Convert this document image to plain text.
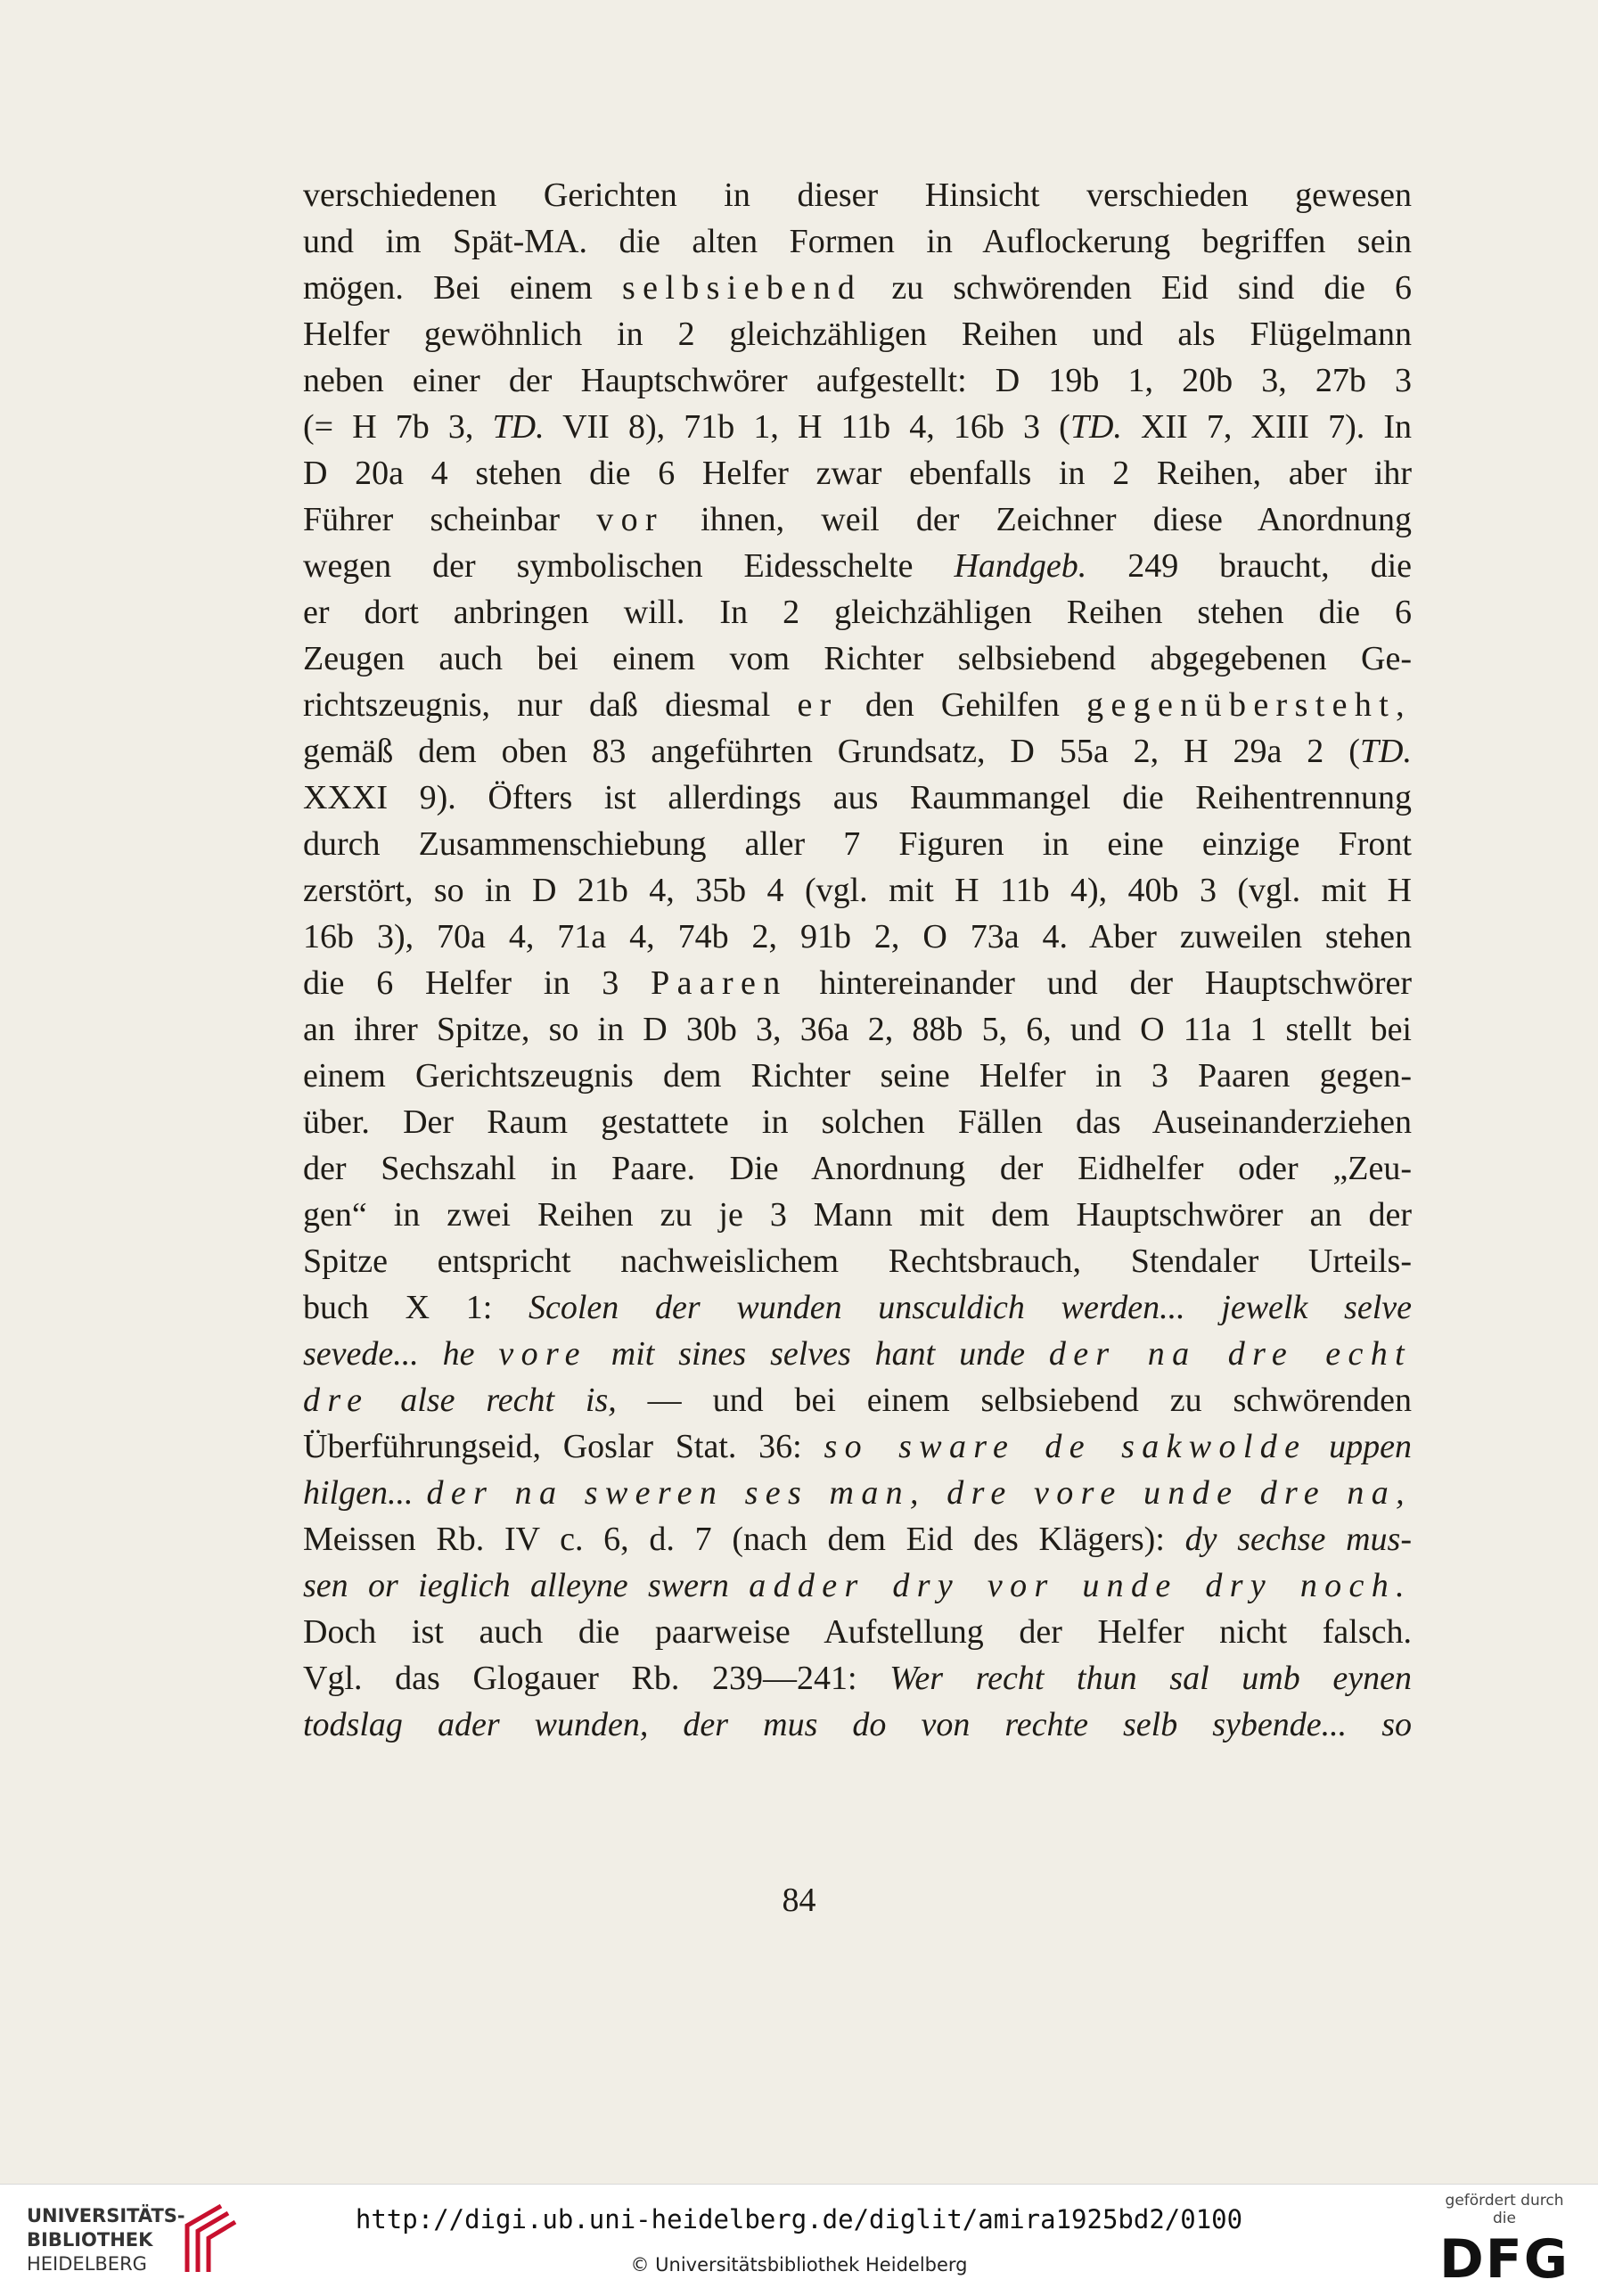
verschiedenen Gerichten in dieser Hinsicht verschieden gewesen
und im Spät-MA. die alten Formen in Auflockerung begriffen sein
mögen. Bei einem selbsiebend zu schwörenden Eid sind die 6
Helfer gewöhnlich in 2 gleichzähligen Reihen und als Flügelmann
neben einer der Hauptschwörer aufgestellt: D 19b 1, 20b 3, 27b 3
(= H 7b 3, TD. VII 8), 71b 1, H 11b 4, 16b 3 (TD. XII 7, XIII 7). In
D 20a 4 stehen die 6 Helfer zwar ebenfalls in 2 Reihen, aber ihr
Führer scheinbar vor ihnen, weil der Zeichner diese Anordnung
wegen der symbolischen Eidesschelte Handgeb. 249 braucht, die
er dort anbringen will. In 2 gleichzähligen Reihen stehen die 6
Zeugen auch bei einem vom Richter selbsiebend abgegebenen Ge-
richtszeugnis, nur daß diesmal er den Gehilfen gegenübersteht,
gemäß dem oben 83 angeführten Grundsatz, D 55a 2, H 29a 2 (TD.
XXXI 9). Öfters ist allerdings aus Raummangel die Reihentrennung
durch Zusammenschiebung aller 7 Figuren in eine einzige Front
zerstört, so in D 21b 4, 35b 4 (vgl. mit H 11b 4), 40b 3 (vgl. mit H
16b 3), 70a 4, 71a 4, 74b 2, 91b 2, O 73a 4. Aber zuweilen stehen
die 6 Helfer in 3 Paaren hintereinander und der Hauptschwörer
an ihrer Spitze, so in D 30b 3, 36a 2, 88b 5, 6, und O 11a 1 stellt bei
einem Gerichtszeugnis dem Richter seine Helfer in 3 Paaren gegen-
über. Der Raum gestattete in solchen Fällen das Auseinanderziehen
der Sechszahl in Paare. Die Anordnung der Eidhelfer oder „Zeu-
gen“ in zwei Reihen zu je 3 Mann mit dem Hauptschwörer an der
Spitze entspricht nachweislichem Rechtsbrauch, Stendaler Urteils-
buch X 1: Scolen der wunden unsculdich werden... jewelk selve
sevede... he vore mit sines selves hant unde der na dre echt
dre alse recht is, — und bei einem selbsiebend zu schwörenden
Überführungseid, Goslar Stat. 36: so sware de sakwolde uppen
hilgen... der na sweren ses man, dre vore unde dre na,
Meissen Rb. IV c. 6, d. 7 (nach dem Eid des Klägers): dy sechse mus-
sen or ieglich alleyne swern adder dry vor unde dry noch.
Doch ist auch die paarweise Aufstellung der Helfer nicht falsch.
Vgl. das Glogauer Rb. 239—241: Wer recht thun sal umb eynen
todslag ader wunden, der mus do von rechte selb sybende... so
84
UNIVERSITÄTS-
BIBLIOTHEK
HEIDELBERG
http://digi.ub.uni-heidelberg.de/diglit/amira1925bd2/0100
© Universitätsbibliothek Heidelberg
gefördert durch die
DFG
